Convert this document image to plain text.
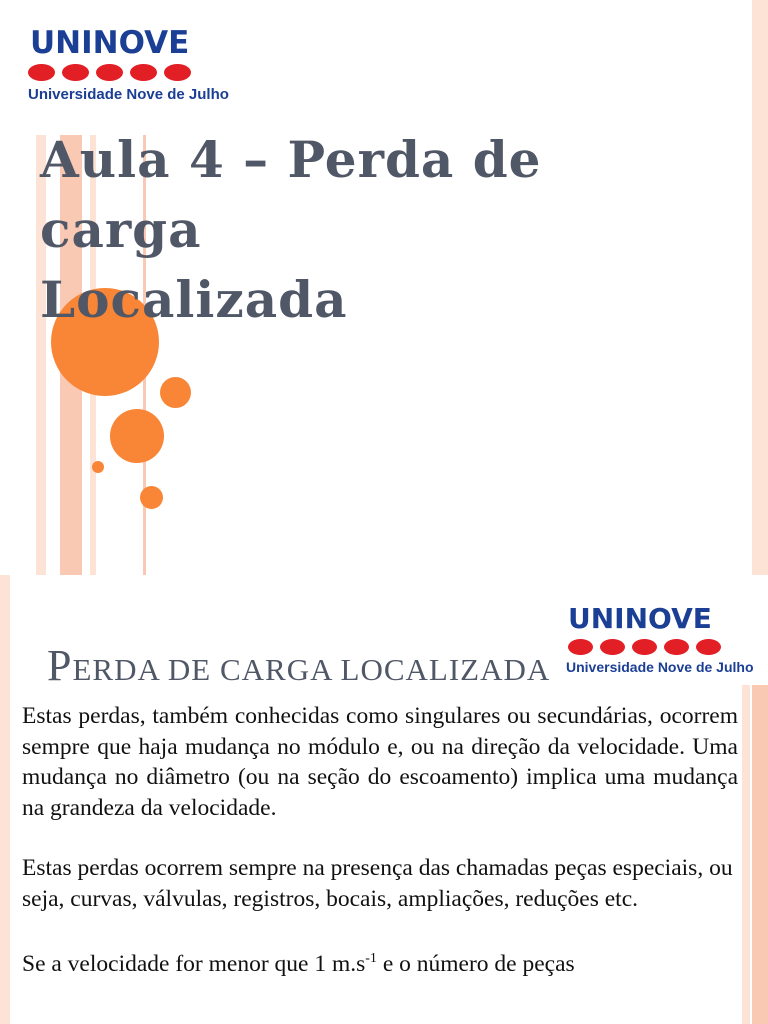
UNINOVE
Universidade Nove de Julho
Aula 4 – Perda de
carga
Localizada
UNINOVE
Universidade Nove de Julho
PERDA DE CARGA LOCALIZADA

Estas perdas, também conhecidas como singulares ou secundárias, ocorrem sempre que haja mudança no módulo e, ou na direção da velocidade. Uma mudança no diâmetro (ou na seção do escoamento) implica uma mudança na grandeza da velocidade.

Estas perdas ocorrem sempre na presença das chamadas peças especiais, ou seja, curvas, válvulas, registros, bocais, ampliações, reduções etc.

Se a velocidade for menor que 1 $m.s^{-1}$ e o número de peças
